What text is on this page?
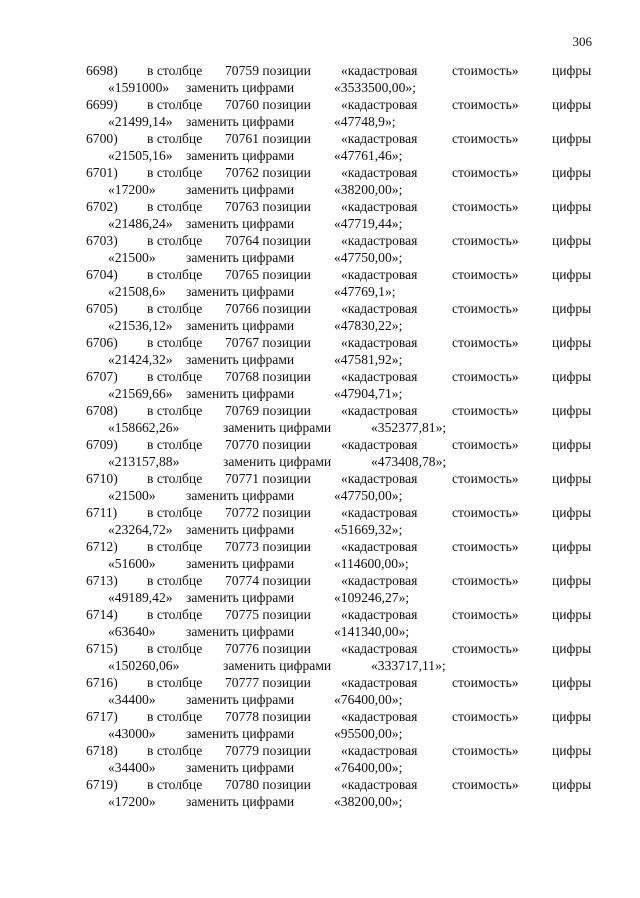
306
6698) в столбце 70759 позиции «кадастровая	стоимость» цифры
«1591000» заменить цифрами	«3533500,00»;
6699) в столбце 70760 позиции «кадастровая	стоимость» цифры
«21499,14» заменить цифрами	«47748,9»;
6700) в столбце 70761 позиции «кадастровая	стоимость» цифры
«21505,16» заменить цифрами	«47761,46»;
6701) в столбце 70762 позиции «кадастровая	стоимость» цифры
«17200» заменить цифрами	«38200,00»;
6702) в столбце 70763 позиции «кадастровая	стоимость» цифры
«21486,24» заменить цифрами	«47719,44»;
6703) в столбце 70764 позиции «кадастровая	стоимость» цифры
«21500» заменить цифрами	«47750,00»;
6704) в столбце 70765 позиции «кадастровая	стоимость» цифры
«21508,6» заменить цифрами	«47769,1»;
6705) в столбце 70766 позиции «кадастровая	стоимость» цифры
«21536,12» заменить цифрами	«47830,22»;
6706) в столбце 70767 позиции «кадастровая	стоимость» цифры
«21424,32» заменить цифрами	«47581,92»;
6707) в столбце 70768 позиции «кадастровая	стоимость» цифры
«21569,66» заменить цифрами	«47904,71»;
6708) в столбце 70769 позиции «кадастровая	стоимость» цифры
«158662,26»	заменить цифрами	«352377,81»;
6709) в столбце 70770 позиции «кадастровая	стоимость» цифры
«213157,88»	заменить цифрами	«473408,78»;
6710) в столбце 70771 позиции «кадастровая	стоимость» цифры
«21500» заменить цифрами	«47750,00»;
6711) в столбце 70772 позиции «кадастровая	стоимость» цифры
«23264,72» заменить цифрами	«51669,32»;
6712) в столбце 70773 позиции «кадастровая	стоимость» цифры
«51600» заменить цифрами	«114600,00»;
6713) в столбце 70774 позиции «кадастровая	стоимость» цифры
«49189,42» заменить цифрами	«109246,27»;
6714) в столбце 70775 позиции «кадастровая	стоимость» цифры
«63640» заменить цифрами	«141340,00»;
6715) в столбце 70776 позиции «кадастровая	стоимость» цифры
«150260,06»	заменить цифрами	«333717,11»;
6716) в столбце 70777 позиции «кадастровая	стоимость» цифры
«34400» заменить цифрами	«76400,00»;
6717) в столбце 70778 позиции «кадастровая	стоимость» цифры
«43000» заменить цифрами	«95500,00»;
6718) в столбце 70779 позиции «кадастровая	стоимость» цифры
«34400» заменить цифрами	«76400,00»;
6719) в столбце 70780 позиции «кадастровая	стоимость» цифры
«17200» заменить цифрами	«38200,00»;
